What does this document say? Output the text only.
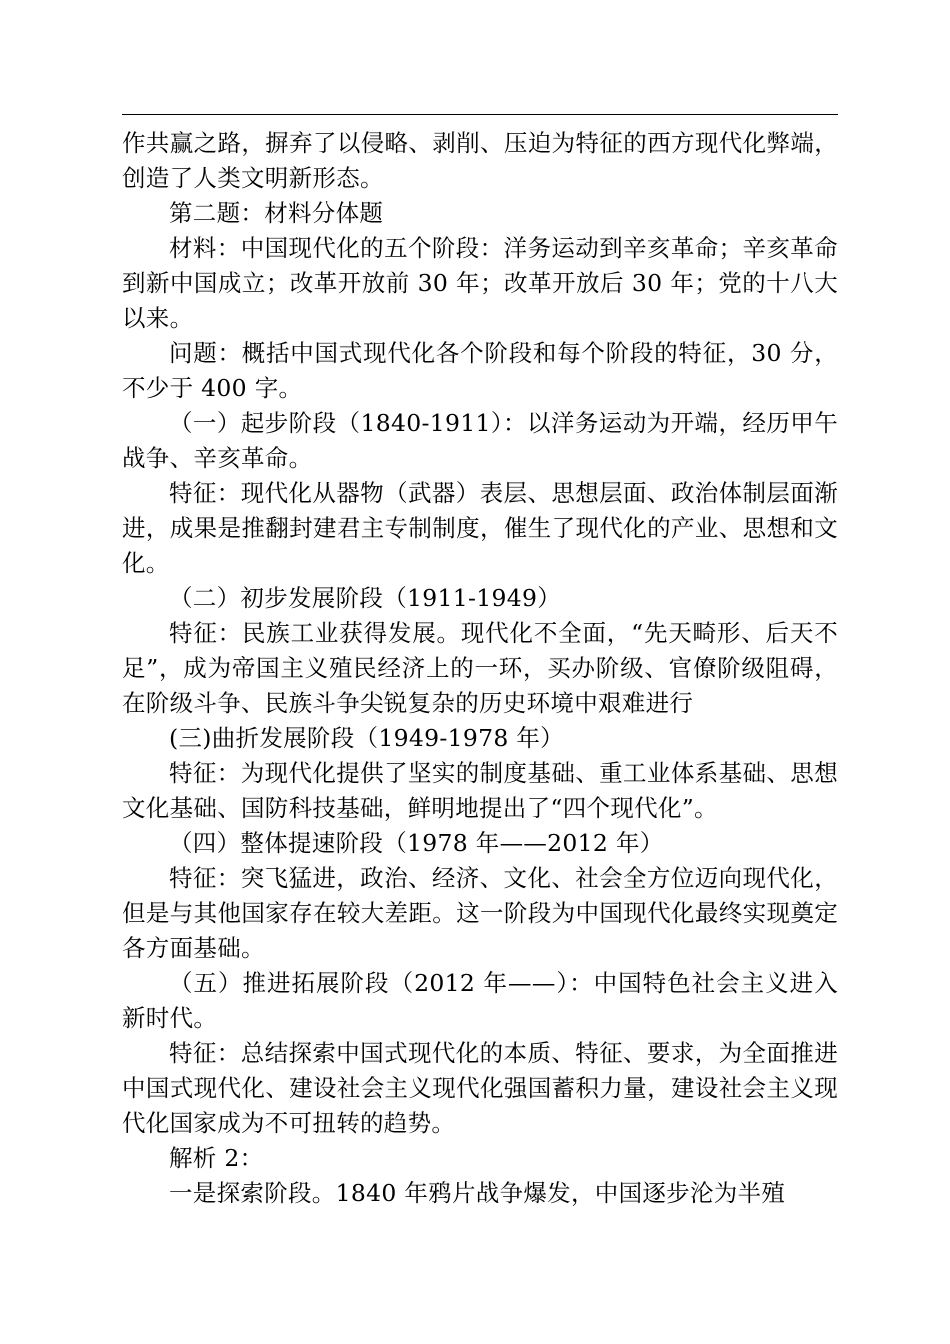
作共赢之路，摒弃了以侵略、剥削、压迫为特征的西方现代化弊端，创造了人类文明新形态。

第二题：材料分体题

材料：中国现代化的五个阶段：洋务运动到辛亥革命；辛亥革命到新中国成立；改革开放前 30 年；改革开放后 30 年；党的十八大以来。

问题：概括中国式现代化各个阶段和每个阶段的特征，30 分，不少于 400 字。

（一）起步阶段（1840-1911）：以洋务运动为开端，经历甲午战争、辛亥革命。

特征：现代化从器物（武器）表层、思想层面、政治体制层面渐进，成果是推翻封建君主专制制度，催生了现代化的产业、思想和文化。

（二）初步发展阶段（1911-1949）

特征：民族工业获得发展。现代化不全面，“先天畸形、后天不足”，成为帝国主义殖民经济上的一环，买办阶级、官僚阶级阻碍，在阶级斗争、民族斗争尖锐复杂的历史环境中艰难进行

(三)曲折发展阶段（1949-1978 年）

特征：为现代化提供了坚实的制度基础、重工业体系基础、思想文化基础、国防科技基础，鲜明地提出了“四个现代化”。

（四）整体提速阶段（1978 年——2012 年）

特征：突飞猛进，政治、经济、文化、社会全方位迈向现代化，但是与其他国家存在较大差距。这一阶段为中国现代化最终实现奠定各方面基础。

（五）推进拓展阶段（2012 年——）：中国特色社会主义进入新时代。

特征：总结探索中国式现代化的本质、特征、要求，为全面推进中国式现代化、建设社会主义现代化强国蓄积力量，建设社会主义现代化国家成为不可扭转的趋势。

解析 2：

一是探索阶段。1840 年鸦片战争爆发，中国逐步沦为半殖
